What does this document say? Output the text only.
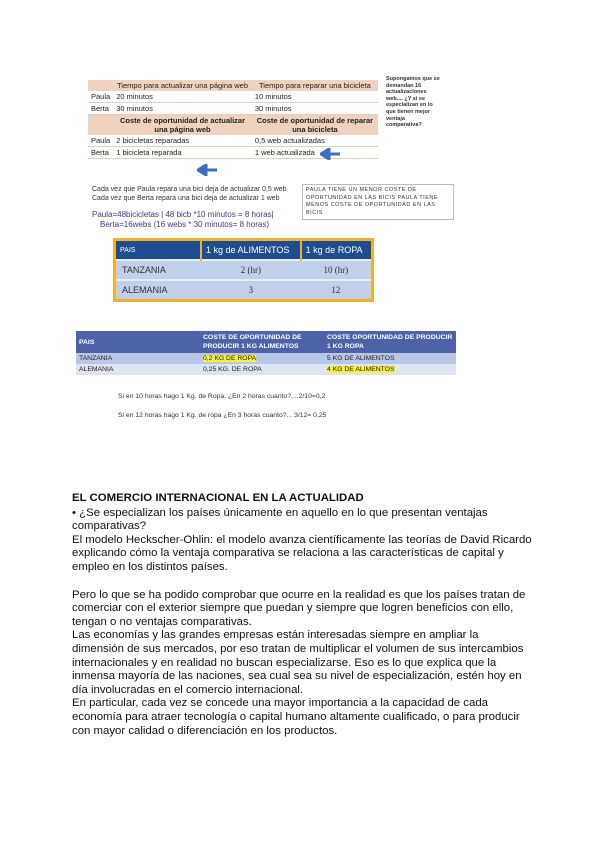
	Tiempo para actualizar una página web	Tiempo para reparar una bicicleta
Paula	20 minutos	10 minutos
Berta	30 minutos	30 minutos
	Coste de oportunidad de actualizar una página web	Coste de oportunidad de reparar una bicicleta
Paula	2 bicicletas reparadas	0,5 web actualizadas
Berta	1 bicicleta reparada	1 web actualizada
Supongamos que se demandan 16 actualizaciones web.... ¿Y si se especializan en lo que tienen mejor ventaja comparativa?
Cada vez que Paula repara una bici deja de actualizar 0,5 web
Cada vez que Berta repara una bici deja de actualizar 1 web
Paula=48bicicletas | 48 bicb *10 minutos = 8 horas|
Berta=16webs (16 webs * 30 minutos= 8 horas)
PAULA TIENE UN MENOR COSTE DE OPORTUNIDAD EN LAS BICIS PAULA TIENE MENOS COSTE DE OPORTUNIDAD EN LAS BICIS
PAIS	1 kg de ALIMENTOS	1 kg de ROPA
TANZANIA	2 (hr)	10 (hr)
ALEMANIA	3	12
PAIS	COSTE DE OPORTUNIDAD DE PRODUCIR 1 KG ALIMENTOS	COSTE OPORTUNIDAD DE PRODUCIR 1 KG ROPA
TANZANIA	0,2 KG DE ROPA	5 KG DE ALIMENTOS
ALEMANIA	0,25 KG. DE ROPA	4 KG DE ALIMENTOS
Si en 10 horas hago 1 Kg. de Ropa, ¿En 2 horas cuanto?....2/10=0,2
Si en 12 horas hago 1 Kg. de ropa ¿En 3 horas cuanto?... 3/12= 0,25

EL COMERCIO INTERNACIONAL EN LA ACTUALIDAD

• ¿Se especializan los países únicamente en aquello en lo que presentan ventajas comparativas?

El modelo Heckscher-Ohlin: el modelo avanza científicamente las teorías de David Ricardo explicando cómo la ventaja comparativa se relaciona a las características de capital y empleo en los distintos países.

Pero lo que se ha podido comprobar que ocurre en la realidad es que los países tratan de comerciar con el exterior siempre que puedan y siempre que logren beneficios con ello, tengan o no ventajas comparativas.

Las economías y las grandes empresas están interesadas siempre en ampliar la dimensión de sus mercados, por eso tratan de multiplicar el volumen de sus intercambios internacionales y en realidad no buscan especializarse. Eso es lo que explica que la inmensa mayoría de las naciones, sea cual sea su nivel de especialización, estén hoy en día involucradas en el comercio internacional.

En particular, cada vez se concede una mayor importancia a la capacidad de cada economía para atraer tecnología o capital humano altamente cualificado, o para producir con mayor calidad o diferenciación en los productos.
